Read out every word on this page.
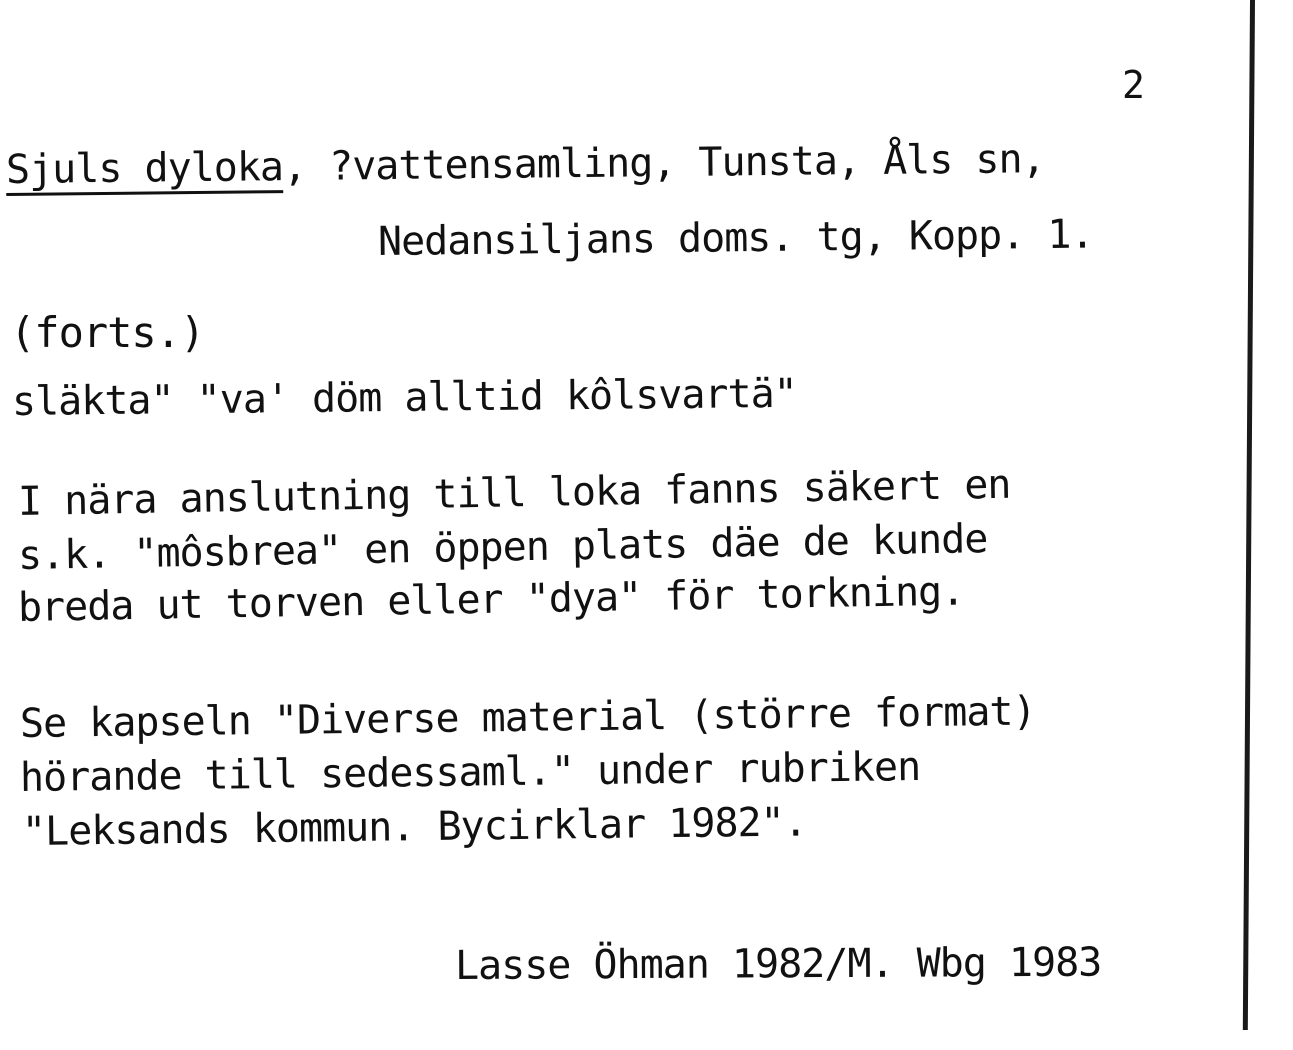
2
Sjuls dyloka, ?vattensamling, Tunsta, Åls sn,
Nedansiljans doms. tg, Kopp. 1.
(forts.)
släkta" "va' döm alltid kôlsvartä"
I nära anslutning till loka fanns säkert en
s.k. "môsbrea" en öppen plats däe de kunde
breda ut torven eller "dya" för torkning.
Se kapseln "Diverse material (större format)
hörande till sedessaml." under rubriken
"Leksands kommun. Bycirklar 1982".
Lasse Öhman 1982/M. Wbg 1983
